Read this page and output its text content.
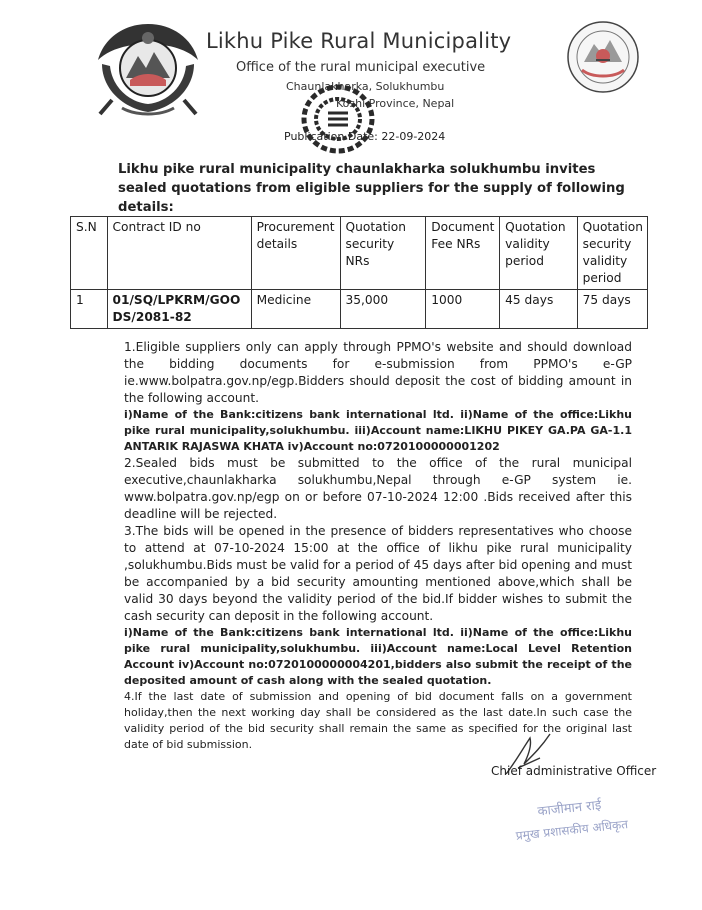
Likhu Pike Rural Municipality
Office of the rural municipal executive
Chaunlakharka, Solukhumbu
Koshi Province, Nepal
Publication Date: 22-09-2024
Likhu pike rural municipality chaunlakharka solukhumbu invites sealed quotations from eligible suppliers for the supply of following details:
S.N	Contract ID no	Procurement details	Quotation security NRs	Document Fee NRs	Quotation validity period	Quotation security validity period
1	01/SQ/LPKRM/GOODS/2081-82	Medicine	35,000	1000	45 days	75 days

1.Eligible suppliers only can apply through PPMO's website and should download the bidding documents for e-submission from PPMO's e-GP ie.www.bolpatra.gov.np/egp.Bidders should deposit the cost of bidding amount in the following account.

i)Name of the Bank:citizens bank international ltd. ii)Name of the office:Likhu pike rural municipality,solukhumbu. iii)Account name:LIKHU PIKEY GA.PA GA-1.1 ANTARIK RAJASWA KHATA iv)Account no:0720100000001202

2.Sealed bids must be submitted to the office of the rural municipal executive,chaunlakharka solukhumbu,Nepal through e-GP system ie. www.bolpatra.gov.np/egp on or before 07-10-2024 12:00 .Bids received after this deadline will be rejected.

3.The bids will be opened in the presence of bidders representatives who choose to attend at 07-10-2024 15:00 at the office of likhu pike rural municipality ,solukhumbu.Bids must be valid for a period of 45 days after bid opening and must be accompanied by a bid security amounting mentioned above,which shall be valid 30 days beyond the validity period of the bid.If bidder wishes to submit the cash security can deposit in the following account.

i)Name of the Bank:citizens bank international ltd. ii)Name of the office:Likhu pike rural municipality,solukhumbu. iii)Account name:Local Level Retention Account iv)Account no:0720100000004201,bidders also submit the receipt of the deposited amount of cash along with the sealed quotation.

4.If the last date of submission and opening of bid document falls on a government holiday,then the next working day shall be considered as the last date.In such case the validity period of the bid security shall remain the same as specified for the original last date of bid submission.

Chief administrative Officer
काजीमान राई
प्रमुख प्रशासकीय अधिकृत
